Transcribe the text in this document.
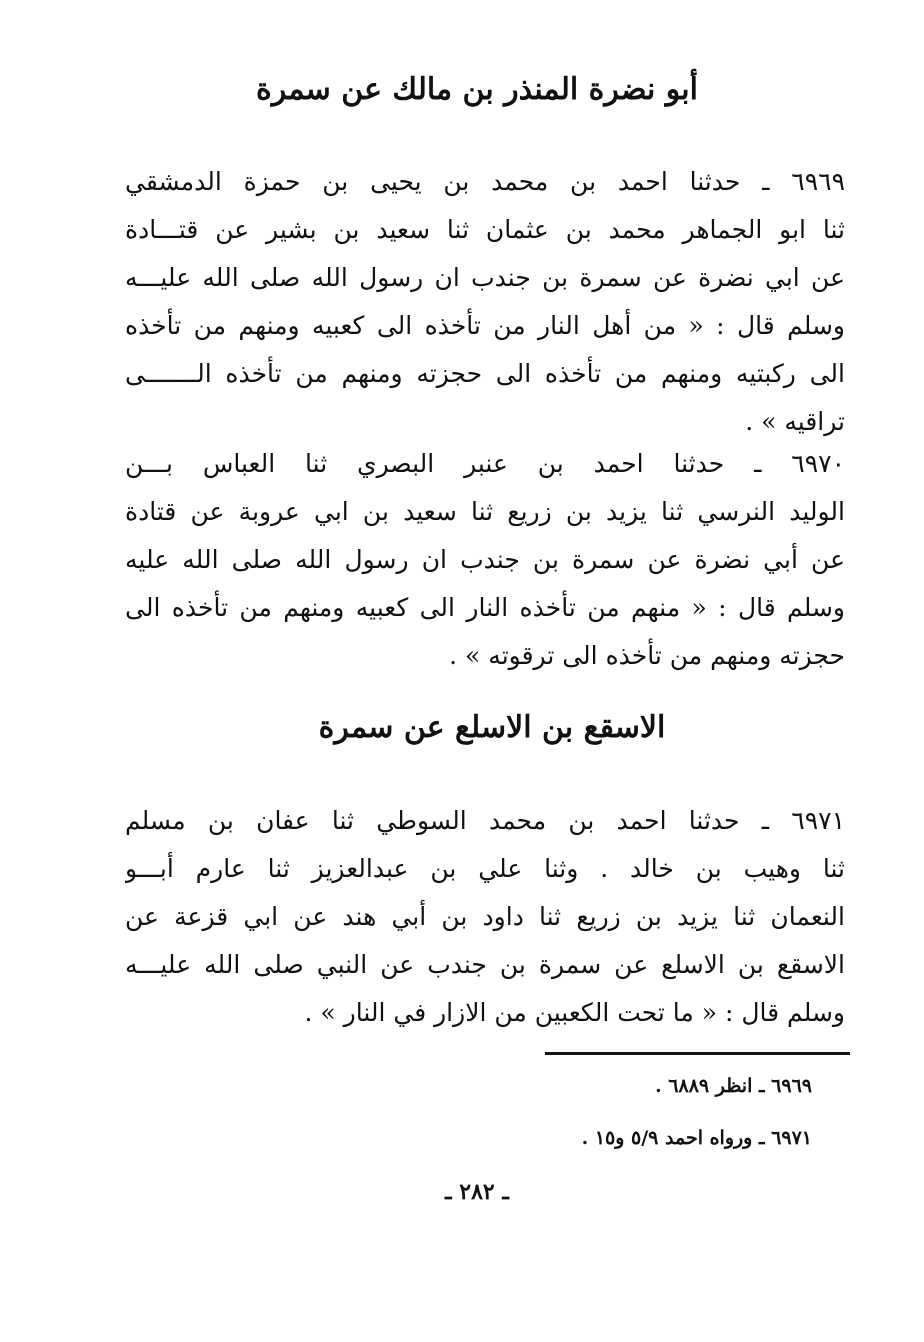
أبو نضرة المنذر بن مالك عن سمرة
٦٩٦٩ ـ حدثنا احمد بن محمد بن يحيى بن حمزة الدمشقي
ثنا ابو الجماهر محمد بن عثمان ثنا سعيد بن بشير عن قتـــادة
عن ابي نضرة عن سمرة بن جندب ان رسول الله صلى الله عليـــه
وسلم قال : « من أهل النار من تأخذه الى كعبيه ومنهم من تأخذه
الى ركبتيه ومنهم من تأخذه الى حجزته ومنهم من تأخذه الـــــــى
تراقيه » .
٦٩٧٠ ـ حدثنا احمد بن عنبر البصري ثنا العباس بـــن
الوليد النرسي ثنا يزيد بن زريع ثنا سعيد بن ابي عروبة عن قتادة
عن أبي نضرة عن سمرة بن جندب ان رسول الله صلى الله عليه
وسلم قال : « منهم من تأخذه النار الى كعبيه ومنهم من تأخذه الى
حجزته ومنهم من تأخذه الى ترقوته » .
الاسقع بن الاسلع عن سمرة
٦٩٧١ ـ حدثنا احمد بن محمد السوطي ثنا عفان بن مسلم
ثنا وهيب بن خالد . وثنا علي بن عبدالعزيز ثنا عارم أبـــو
النعمان ثنا يزيد بن زريع ثنا داود بن أبي هند عن ابي قزعة عن
الاسقع بن الاسلع عن سمرة بن جندب عن النبي صلى الله عليـــه
وسلم قال : « ما تحت الكعبين من الازار في النار » .
٦٩٦٩ ـ انظر ٦٨٨٩ .
٦٩٧١ ـ ورواه احمد ٥/٩ و١٥ .
ـ ٢٨٢ ـ
